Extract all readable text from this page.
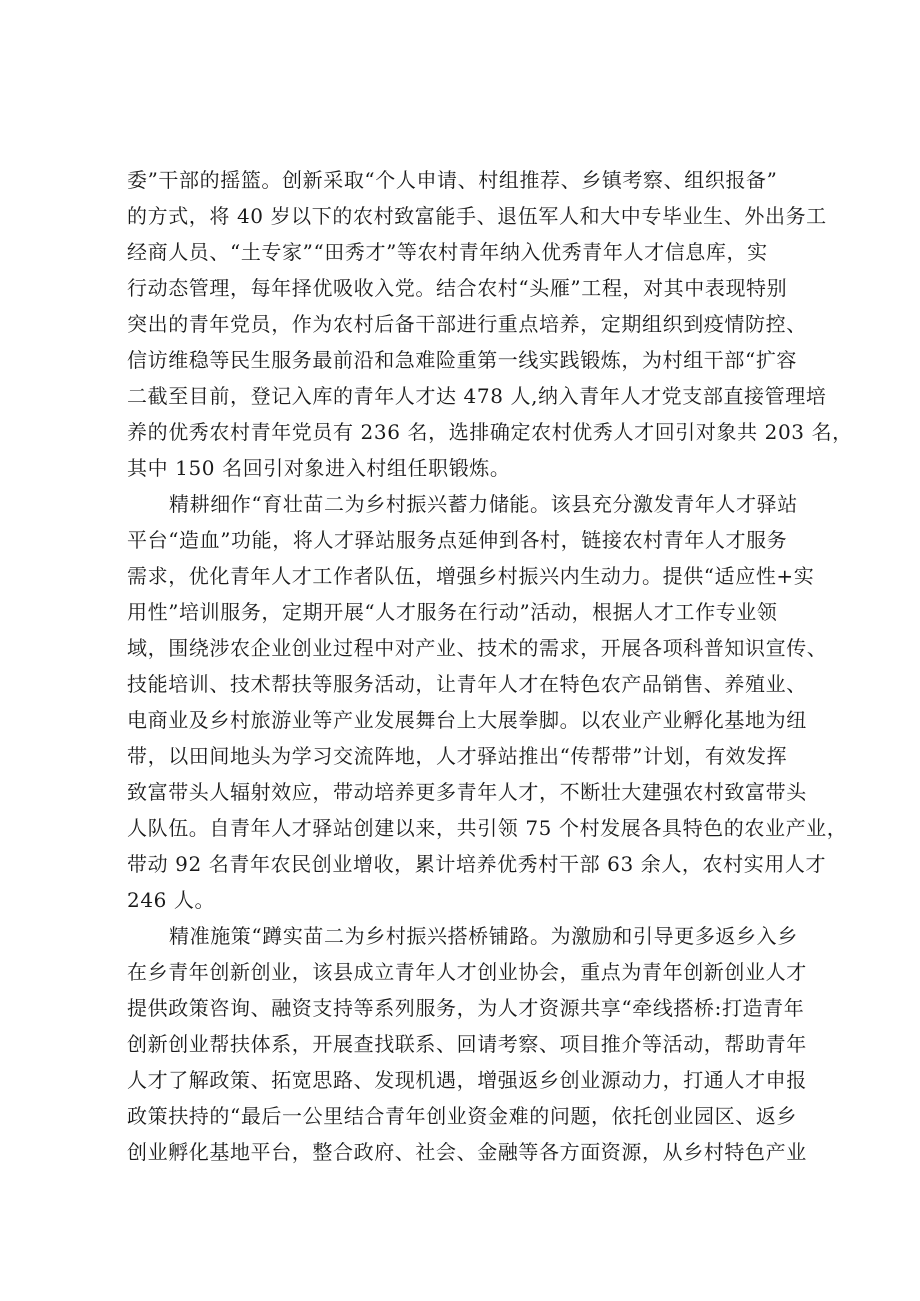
委”干部的摇篮。创新采取“个人申请、村组推荐、乡镇考察、组织报备”
的方式，将 40 岁以下的农村致富能手、退伍军人和大中专毕业生、外出务工
经商人员、“土专家”“田秀才”等农村青年纳入优秀青年人才信息库，实
行动态管理，每年择优吸收入党。结合农村“头雁”工程，对其中表现特别
突出的青年党员，作为农村后备干部进行重点培养，定期组织到疫情防控、
信访维稳等民生服务最前沿和急难险重第一线实践锻炼，为村组干部“扩容
二截至目前，登记入库的青年人才达 478 人,纳入青年人才党支部直接管理培
养的优秀农村青年党员有 236 名，选排确定农村优秀人才回引对象共 203 名，
其中 150 名回引对象进入村组任职锻炼。
精耕细作“育壮苗二为乡村振兴蓄力储能。该县充分激发青年人才驿站
平台“造血”功能，将人才驿站服务点延伸到各村，链接农村青年人才服务
需求，优化青年人才工作者队伍，增强乡村振兴内生动力。提供“适应性+实
用性”培训服务，定期开展“人才服务在行动”活动，根据人才工作专业领
域，围绕涉农企业创业过程中对产业、技术的需求，开展各项科普知识宣传、
技能培训、技术帮扶等服务活动，让青年人才在特色农产品销售、养殖业、
电商业及乡村旅游业等产业发展舞台上大展拳脚。以农业产业孵化基地为纽
带，以田间地头为学习交流阵地，人才驿站推出“传帮带”计划，有效发挥
致富带头人辐射效应，带动培养更多青年人才，不断壮大建强农村致富带头
人队伍。自青年人才驿站创建以来，共引领 75 个村发展各具特色的农业产业，
带动 92 名青年农民创业增收，累计培养优秀村干部 63 余人，农村实用人才
246 人。
精准施策“蹲实苗二为乡村振兴搭桥铺路。为激励和引导更多返乡入乡
在乡青年创新创业，该县成立青年人才创业协会，重点为青年创新创业人才
提供政策咨询、融资支持等系列服务，为人才资源共享“牵线搭桥:打造青年
创新创业帮扶体系，开展查找联系、回请考察、项目推介等活动，帮助青年
人才了解政策、拓宽思路、发现机遇，增强返乡创业源动力，打通人才申报
政策扶持的“最后一公里结合青年创业资金难的问题，依托创业园区、返乡
创业孵化基地平台，整合政府、社会、金融等各方面资源，从乡村特色产业
